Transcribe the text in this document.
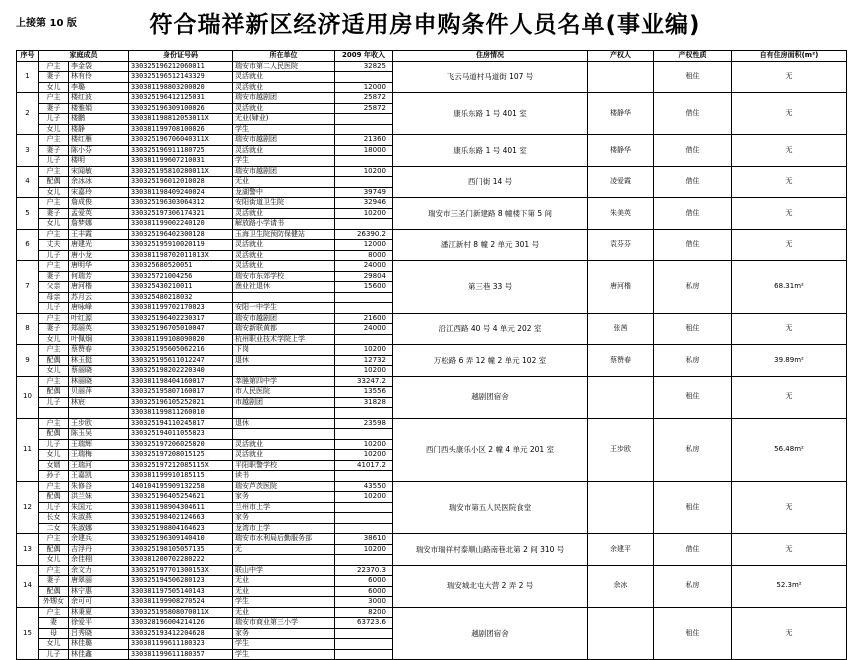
上接第 10 版	符合瑞祥新区经济适用房申购条件人员名单(事业编)
序号	家庭成员		身份证号码	所在单位	2009 年收入	住房情况	产权人	产权性质	自有住房面积(m²)
1	户主	李金袋	330325196212060011	瑞安市第二人民医院	32825	飞云马道村马道街 107 号		租住	无
	妻子	林有伶	330325196512143329	灵活就业					
	女儿	李璐	330381198803200020	灵活就业	12000				
2	户主	楼红波	330325196412125031	瑞安市越剧团	25872	康乐东路 1 号 401 室	楼静华	借住	无
	妻子	楼雅娟	330325196309100026	灵活就业	25872				
	儿子	楼鹏	330381198812053011X	无业(肄业)					
	女儿	楼静	330381199708100026	学生					
3	户主	楼红雁	330325196706040311X	瑞安市越剧团	21360	康乐东路 1 号 401 室	楼静华	借住	无
	妻子	陈小芬	330325196911180725	灵活就业	18000				
	儿子	楼明	330381199607210031	学生					
4	户主	宋闻敏	330325195810280011X	瑞安市越剧团	10200	西门街 14 号	凌爱霞	借住	无
	配偶	余冰冰	330325196012010028	无业					
	女儿	宋嘉玲	330381198409240024	龙湖警中	39749				
5	户主	詹成俊	330325196303064312	安阳街道卫生院	32946	瑞安市三圣门新建路 8 幢楼下第 5 间	朱美英	借住	无
	妻子	孟爱英	330325197306174321	灵活就业	10200				
	女儿	詹梦娜	330381199002240120	解放路小学请书					
6	户主	王丰霞	330325196402300128	玉海卫生院预防保健站	26390.2	潘江新村 8 幢 2 单元 301 号	袁芬芬	借住	无
	丈夫	唐建光	330325195910020119	灵活就业	12000				
	儿子	唐小龙	330381198702011013X	灵活就业	8000				
7	户主	唐明华	330325680520051	灵活就业	24000	第三巷 33 号	唐河楷	私房	68.31m²
	妻子	何瑞芳	330325721004256	瑞安市东郊学校	29804				
	父亲	唐河楷	330325430210011	渔业社退休	15600				
	母亲	苏月云	330325480218032						
	儿子	唐咏峰	330381199702170023	安阳一中学生					
8	户主	叶红源	330325196402230317	瑞安市越剧团	21600	沿江西路 40 号 4 单元 202 室	张茜	租住	无
	妻子	郑丽英	330325196705010047	瑞安新联黄都	24000				
	女儿	叶佩炯	330381199108090020	杭州职业技术学院上学					
9	户主	蔡赞春	330325195605062216	下岗	10200	万松路 6 弄 12 幢 2 单元 102 室	蔡赞春	私房	39.89m²
	配偶	林玉挺	330325195611012247	退休	12732				
	女儿	蔡丽晓	330325198202220340		10200				
10	户主	林丽晓	330381198404160017	莘塍第四中学	33247.2	越剧团宿舍		租住	无
	配偶	贝丽萍	330325195807160017	市人民医院	13556				
	儿子	林宸	330325196105252021	市越剧团	31828				
			330381199811260010						
11	户主	王步欧	330325194110245817	退休	23598	西门西头康乐小区 2 幢 4 单元 201 室	王步欧	私房	56.48m²
	配偶	陈玉吴	330325194011055823						
	儿子	王瑞辉	330325197206025820	灵活就业	10200				
	女儿	王瑞梅	330325197208015125	灵活就业	10200				
	女婿	王瑞河	330325197212085115X	平阳职警学校	41017.2				
	孙子	王嘉凯	330381199910185115	读书					
12	户主	朱修谷	140104195909132258	瑞安芦茨医院	43550	瑞安市第五人民医院食堂		租住	无
	配偶	洪兰妹	330325196405254621	家务	10200				
	儿子	朱国元	330381198904304611	兰州市上学					
	长女	朱淑燕	330325198402124663	家务					
	二女	朱淑娜	330325198804164623	龙湾市上学					
13	户主	余建兵	330325196309140410	瑞安市水利局后勤服务部	38610	瑞安市瑞祥村泰顺山路南巷北第 2 间 310 号	余建平	借住	无
	配偶	吉浮丹	330325198105057135	无	10200				
	女儿	余佳栩	330381200702280222						
14	户主	余文力	330325197701300153X	联山中学	22370.3	瑞安城北屯大营 2 弄 2 号	余冰	私房	52.3m²
	妻子	唐翠丽	330325194506280123	无业	6000				
	配偶	林宁惠	330381197505140143	无业	6000				
	外甥女	余可可	330381199908270524	学生	3000				
15	户主	林秉夏	330325195808070011X	无业	8200	越剧团宿舍		租住	无
	妻	徐爱平	330328196004214126	瑞安市商业第三小学	63723.6				
	母	吕秀晓	330325193412204628	家务					
	女儿	林佳璐	330381199611180323	学生					
	儿子	林佳鑫	330381199611180357	学生					
